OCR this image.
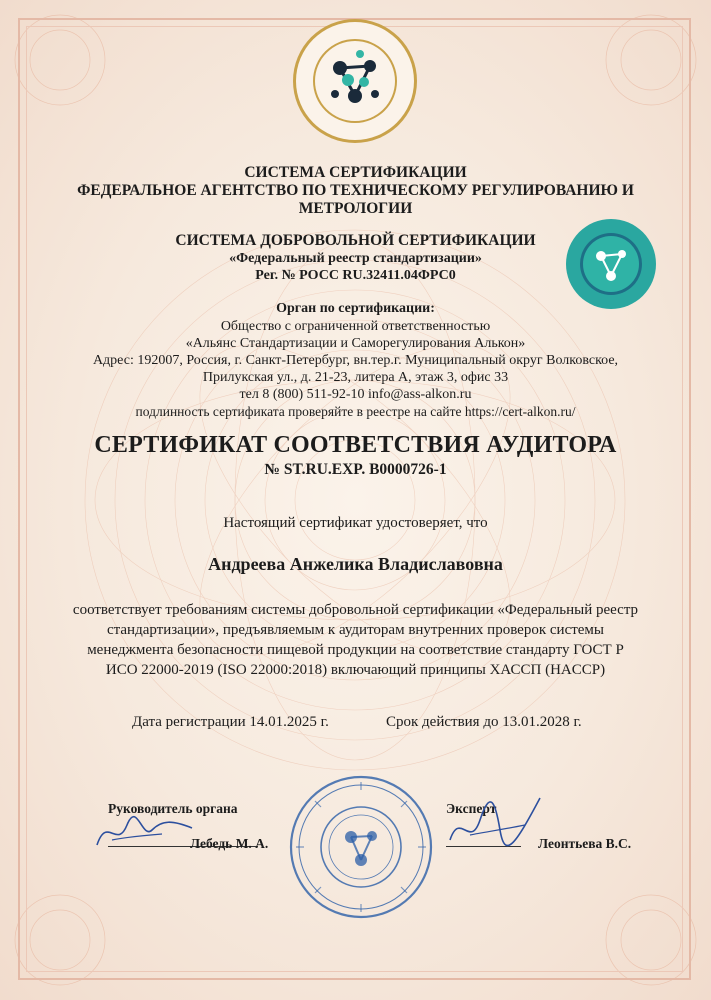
СИСТЕМА СЕРТИФИКАЦИИ
ФЕДЕРАЛЬНОЕ АГЕНТСТВО ПО ТЕХНИЧЕСКОМУ РЕГУЛИРОВАНИЮ И
МЕТРОЛОГИИ
СИСТЕМА ДОБРОВОЛЬНОЙ СЕРТИФИКАЦИИ
«Федеральный реестр стандартизации»
Рег. № РОСС RU.32411.04ФРС0
Орган по сертификации:
Общество с ограниченной ответственностью
«Альянс Стандартизации и Саморегулирования Алькон»
Адрес: 192007, Россия, г. Санкт-Петербург, вн.тер.г. Муниципальный округ Волковское,
Прилукская ул., д. 21-23, литера А, этаж 3, офис 33
тел 8 (800) 511-92-10 info@ass-alkon.ru
подлинность сертификата проверяйте в реестре на сайте https://cert-alkon.ru/
СЕРТИФИКАТ СООТВЕТСТВИЯ АУДИТОРА
№ ST.RU.EXP. B0000726-1
Настоящий сертификат удостоверяет, что
Андреева Анжелика Владиславовна
соответствует требованиям системы добровольной сертификации «Федеральный реестр
стандартизации», предъявляемым к аудиторам внутренних проверок системы
менеджмента безопасности пищевой продукции на соответствие стандарту ГОСТ Р
ИСО 22000-2019 (ISO 22000:2018) включающий принципы ХАССП (HACCP)
Дата регистрации 14.01.2025 г.	Срок действия до 13.01.2028 г.
Руководитель органа
Лебедь М. А.
Эксперт
Леонтьева В.С.
